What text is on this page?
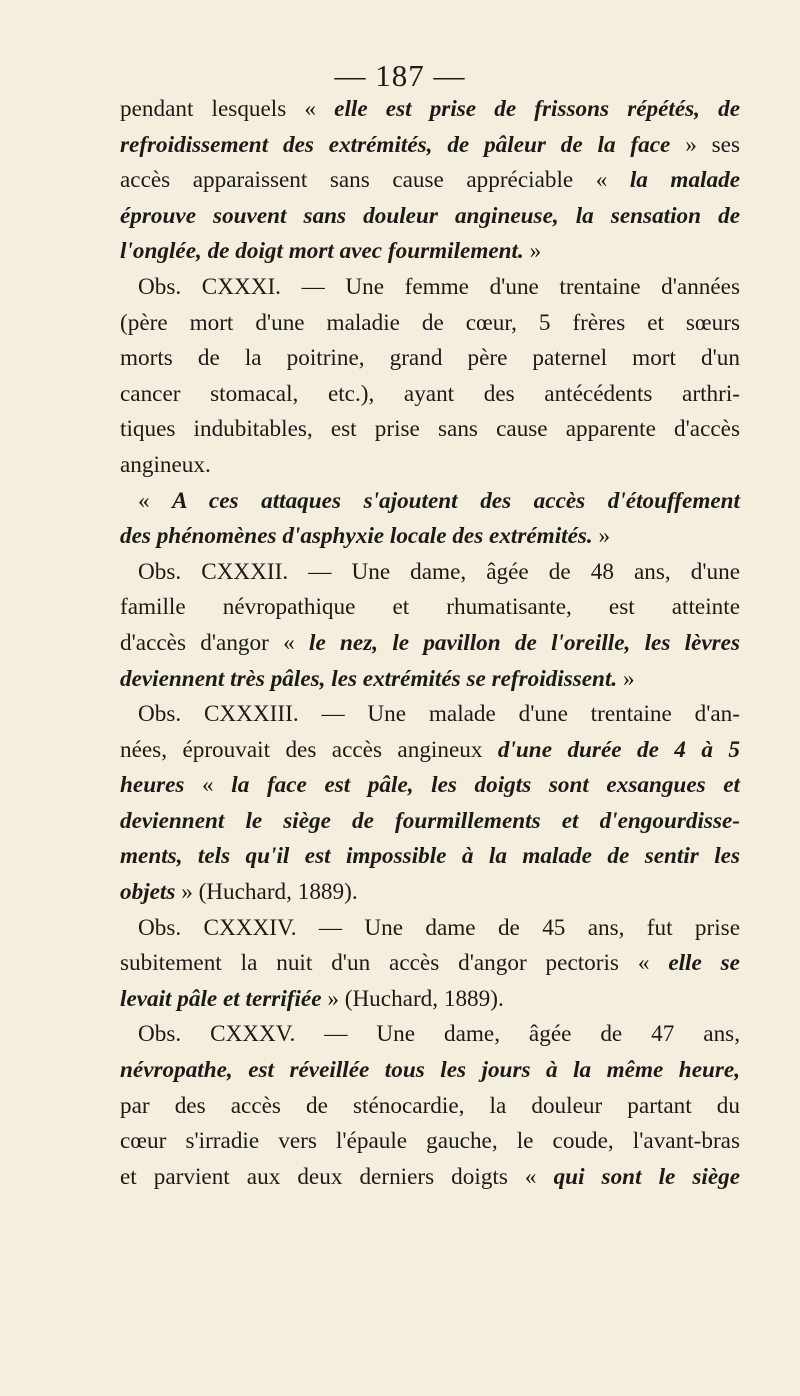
— 187 —
pendant lesquels « elle est prise de frissons répétés, de
refroidissement des extrémités, de pâleur de la face » ses
accès apparaissent sans cause appréciable « la malade
éprouve souvent sans douleur angineuse, la sensation de
l'onglée, de doigt mort avec fourmilement. »
Obs. CXXXI. — Une femme d'une trentaine d'années
(père mort d'une maladie de cœur, 5 frères et sœurs
morts de la poitrine, grand père paternel mort d'un
cancer stomacal, etc.), ayant des antécédents arthri-
tiques indubitables, est prise sans cause apparente d'accès
angineux.
« A ces attaques s'ajoutent des accès d'étouffement
des phénomènes d'asphyxie locale des extrémités. »
Obs. CXXXII. — Une dame, âgée de 48 ans, d'une
famille névropathique et rhumatisante, est atteinte
d'accès d'angor « le nez, le pavillon de l'oreille, les lèvres
deviennent très pâles, les extrémités se refroidissent. »
Obs. CXXXIII. — Une malade d'une trentaine d'an-
nées, éprouvait des accès angineux d'une durée de 4 à 5
heures « la face est pâle, les doigts sont exsangues et
deviennent le siège de fourmillements et d'engourdisse-
ments, tels qu'il est impossible à la malade de sentir les
objets » (Huchard, 1889).
Obs. CXXXIV. — Une dame de 45 ans, fut prise
subitement la nuit d'un accès d'angor pectoris « elle se
levait pâle et terrifiée » (Huchard, 1889).
Obs. CXXXV. — Une dame, âgée de 47 ans,
névropathe, est réveillée tous les jours à la même heure,
par des accès de sténocardie, la douleur partant du
cœur s'irradie vers l'épaule gauche, le coude, l'avant-bras
et parvient aux deux derniers doigts « qui sont le siège
